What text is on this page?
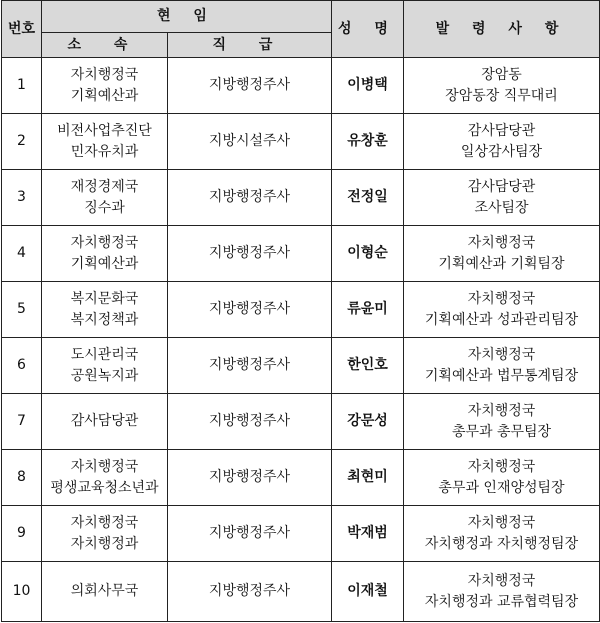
번호	현 임		성 명	발 령 사 항
	소 속	직 급		
1	자치행정국
기획예산과	지방행정주사	이병택	장암동
장암동장 직무대리

2	비전사업추진단
민자유치과	지방시설주사	유창훈	감사담당관
일상감사팀장

3	재정경제국
징수과	지방행정주사	전정일	감사담당관
조사팀장

4	자치행정국
기획예산과	지방행정주사	이형순	자치행정국
기획예산과 기획팀장

5	복지문화국
복지정책과	지방행정주사	류윤미	자치행정국
기획예산과 성과관리팀장

6	도시관리국
공원녹지과	지방행정주사	한인호	자치행정국
기획예산과 법무통계팀장

7	감사담당관	지방행정주사	강문성	자치행정국
총무과 총무팀장

8	자치행정국
평생교육청소년과	지방행정주사	최현미	자치행정국
총무과 인재양성팀장

9	자치행정국
자치행정과	지방행정주사	박재범	자치행정국
자치행정과 자치행정팀장

10	의회사무국	지방행정주사	이재철	자치행정국
자치행정과 교류협력팀장
